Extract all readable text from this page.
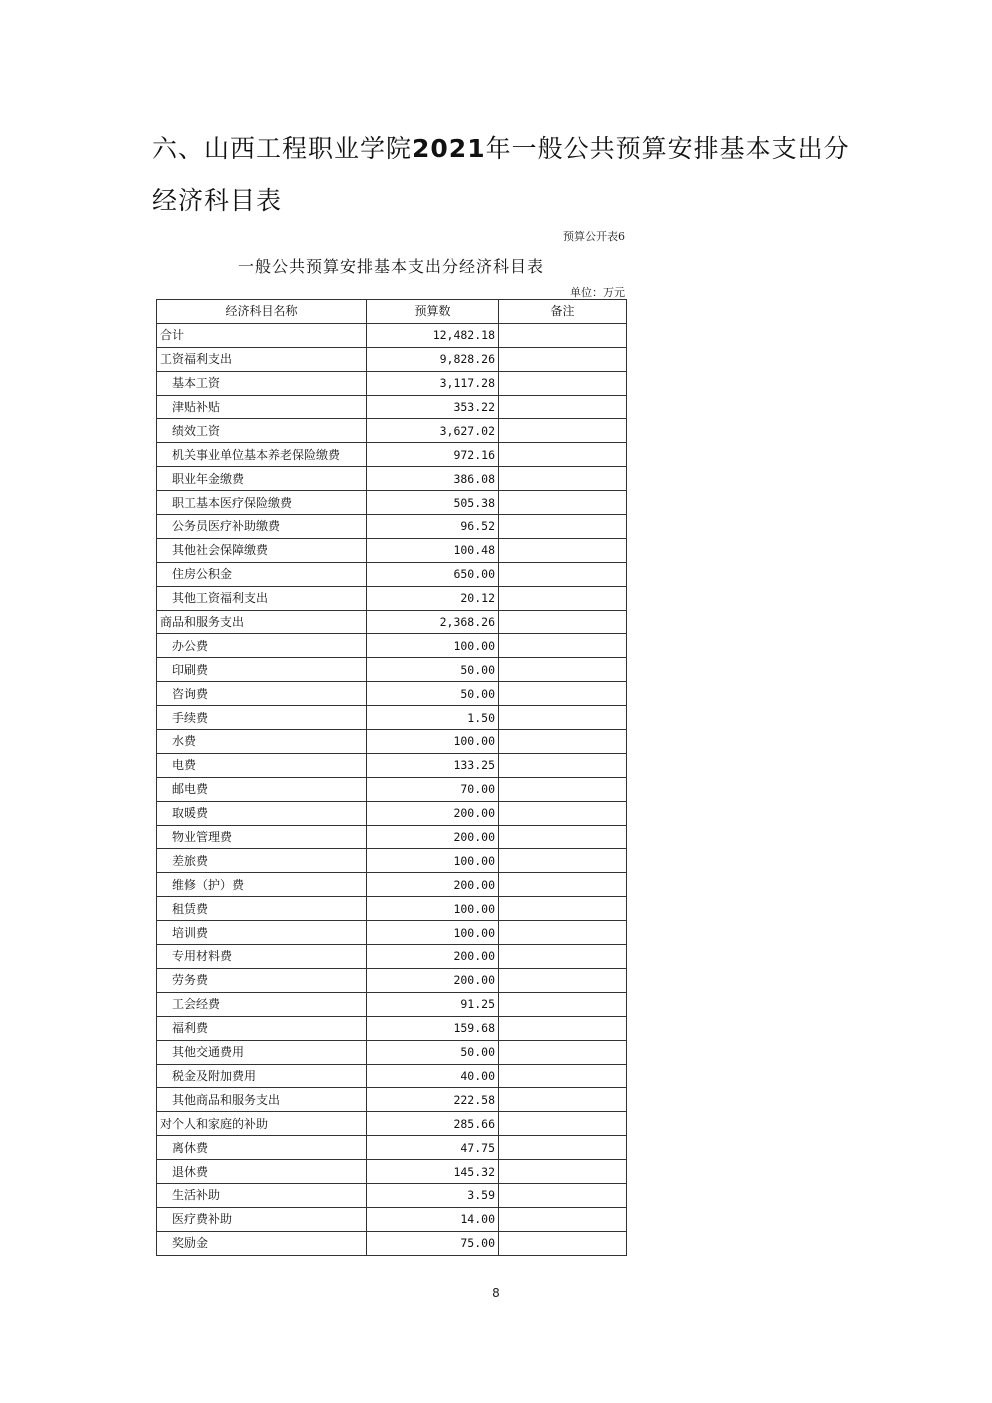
六、山西工程职业学院2021年一般公共预算安排基本支出分经济科目表
预算公开表6
一般公共预算安排基本支出分经济科目表
单位：万元
经济科目名称	预算数	备注
合计	12,482.18	
工资福利支出	9,828.26	
基本工资	3,117.28	
津贴补贴	353.22	
绩效工资	3,627.02	
机关事业单位基本养老保险缴费	972.16	
职业年金缴费	386.08	
职工基本医疗保险缴费	505.38	
公务员医疗补助缴费	96.52	
其他社会保障缴费	100.48	
住房公积金	650.00	
其他工资福利支出	20.12	
商品和服务支出	2,368.26	
办公费	100.00	
印刷费	50.00	
咨询费	50.00	
手续费	1.50	
水费	100.00	
电费	133.25	
邮电费	70.00	
取暖费	200.00	
物业管理费	200.00	
差旅费	100.00	
维修（护）费	200.00	
租赁费	100.00	
培训费	100.00	
专用材料费	200.00	
劳务费	200.00	
工会经费	91.25	
福利费	159.68	
其他交通费用	50.00	
税金及附加费用	40.00	
其他商品和服务支出	222.58	
对个人和家庭的补助	285.66	
离休费	47.75	
退休费	145.32	
生活补助	3.59	
医疗费补助	14.00	
奖励金	75.00	
8
